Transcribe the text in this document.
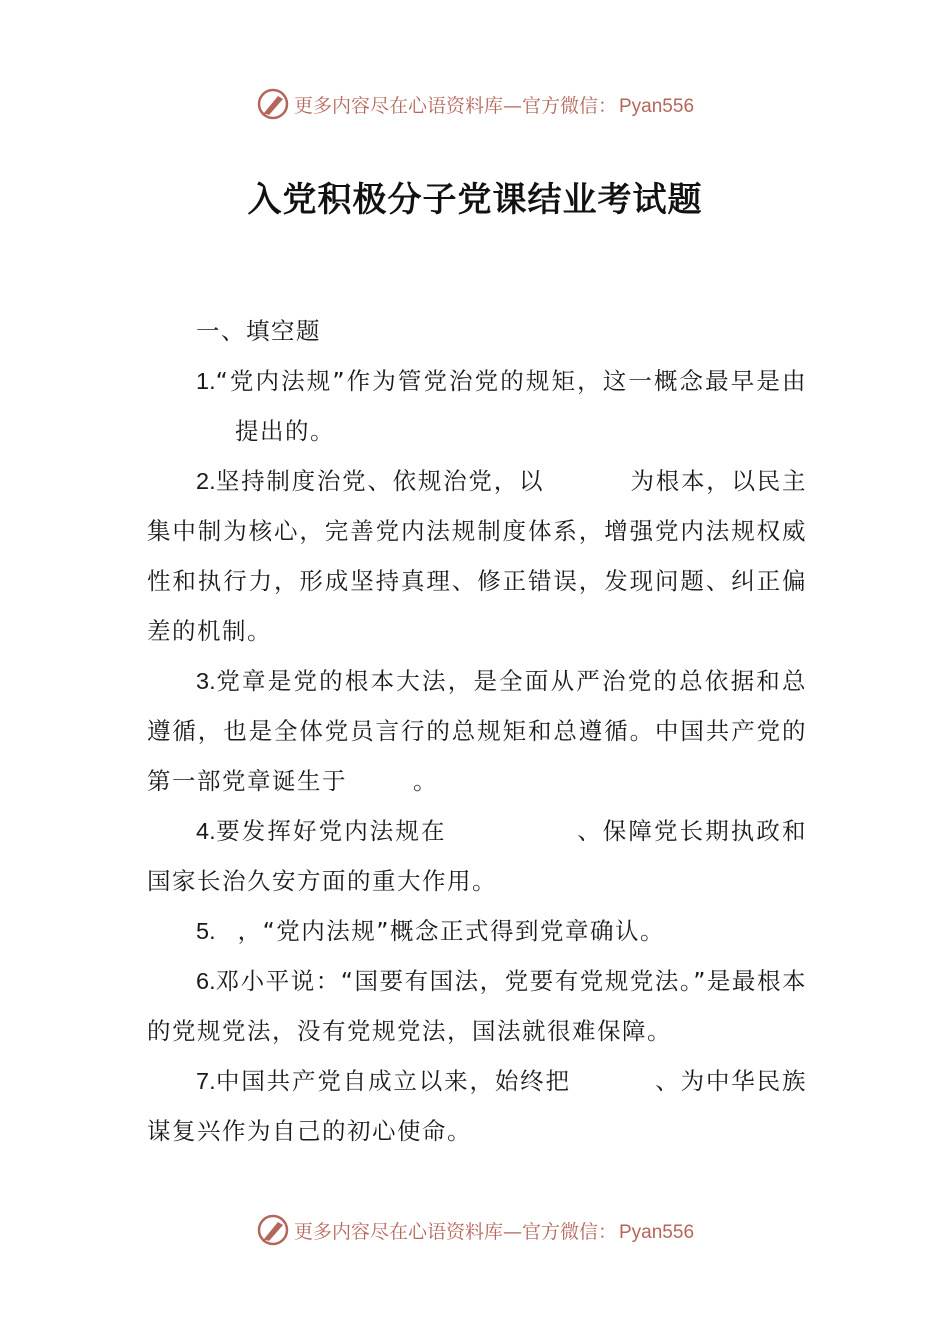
更多内容尽在心语资料库—官方微信： Pyan556
入党积极分子党课结业考试题

一、填空题

1.“党内法规”作为管党治党的规矩，这一概念最早是由提出的。

2.坚持制度治党、依规治党，以	为根本，以民主集中制为核心，完善党内法规制度体系，增强党内法规权威性和执行力，形成坚持真理、修正错误，发现问题、纠正偏差的机制。

3.党章是党的根本大法，是全面从严治党的总依据和总遵循，也是全体党员言行的总规矩和总遵循。中国共产党的第一部党章诞生于	。

4.要发挥好党内法规在	、保障党长期执政和国家长治久安方面的重大作用。

5. ，“党内法规”概念正式得到党章确认。

6.邓小平说：“国要有国法，党要有党规党法。”是最根本的党规党法，没有党规党法，国法就很难保障。

7.中国共产党自成立以来，始终把	、为中华民族谋复兴作为自己的初心使命。

更多内容尽在心语资料库—官方微信： Pyan556
